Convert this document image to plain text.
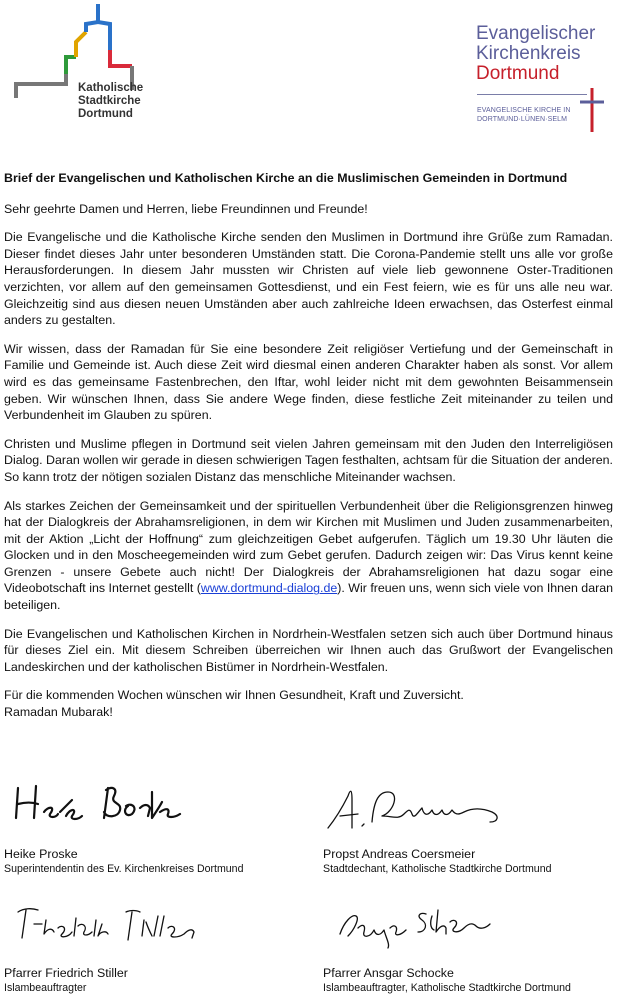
Katholische
Stadtkirche
Dortmund
Evangelischer
Kirchenkreis
Dortmund
EVANGELISCHE KIRCHE IN
DORTMUND·LÜNEN·SELM

Brief der Evangelischen und Katholischen Kirche an die Muslimischen Gemeinden in Dortmund

Sehr geehrte Damen und Herren, liebe Freundinnen und Freunde!

Die Evangelische und die Katholische Kirche senden den Muslimen in Dortmund ihre Grüße zum Ramadan. Dieser findet dieses Jahr unter besonderen Umständen statt. Die Corona-Pandemie stellt uns alle vor große Herausforderungen. In diesem Jahr mussten wir Christen auf viele lieb gewonnene Oster-Traditionen verzichten, vor allem auf den gemeinsamen Gottesdienst, und ein Fest feiern, wie es für uns alle neu war. Gleichzeitig sind aus diesen neuen Umständen aber auch zahlreiche Ideen erwachsen, das Osterfest einmal anders zu gestalten.

Wir wissen, dass der Ramadan für Sie eine besondere Zeit religiöser Vertiefung und der Gemeinschaft in Familie und Gemeinde ist. Auch diese Zeit wird diesmal einen anderen Charakter haben als sonst. Vor allem wird es das gemeinsame Fastenbrechen, den Iftar, wohl leider nicht mit dem gewohnten Beisammensein geben. Wir wünschen Ihnen, dass Sie andere Wege finden, diese festliche Zeit miteinander zu teilen und Verbundenheit im Glauben zu spüren.

Christen und Muslime pflegen in Dortmund seit vielen Jahren gemeinsam mit den Juden den Interreligiösen Dialog. Daran wollen wir gerade in diesen schwierigen Tagen festhalten, achtsam für die Situation der anderen. So kann trotz der nötigen sozialen Distanz das menschliche Miteinander wachsen.

Als starkes Zeichen der Gemeinsamkeit und der spirituellen Verbundenheit über die Religionsgrenzen hinweg hat der Dialogkreis der Abrahamsreligionen, in dem wir Kirchen mit Muslimen und Juden zusammenarbeiten, mit der Aktion „Licht der Hoffnung“ zum gleichzeitigen Gebet aufgerufen. Täglich um 19.30 Uhr läuten die Glocken und in den Moscheegemeinden wird zum Gebet gerufen. Dadurch zeigen wir: Das Virus kennt keine Grenzen - unsere Gebete auch nicht! Der Dialogkreis der Abrahamsreligionen hat dazu sogar eine Videobotschaft ins Internet gestellt (www.dortmund-dialog.de). Wir freuen uns, wenn sich viele von Ihnen daran beteiligen.

Die Evangelischen und Katholischen Kirchen in Nordrhein-Westfalen setzen sich auch über Dortmund hinaus für dieses Ziel ein. Mit diesem Schreiben überreichen wir Ihnen auch das Grußwort der Evangelischen Landeskirchen und der katholischen Bistümer in Nordrhein-Westfalen.

Für die kommenden Wochen wünschen wir Ihnen Gesundheit, Kraft und Zuversicht.

Ramadan Mubarak!

Heike Proske
Superintendentin des Ev. Kirchenkreises Dortmund
Propst Andreas Coersmeier
Stadtdechant, Katholische Stadtkirche Dortmund
Pfarrer Friedrich Stiller
Islambeauftragter
Pfarrer Ansgar Schocke
Islambeauftragter, Katholische Stadtkirche Dortmund
